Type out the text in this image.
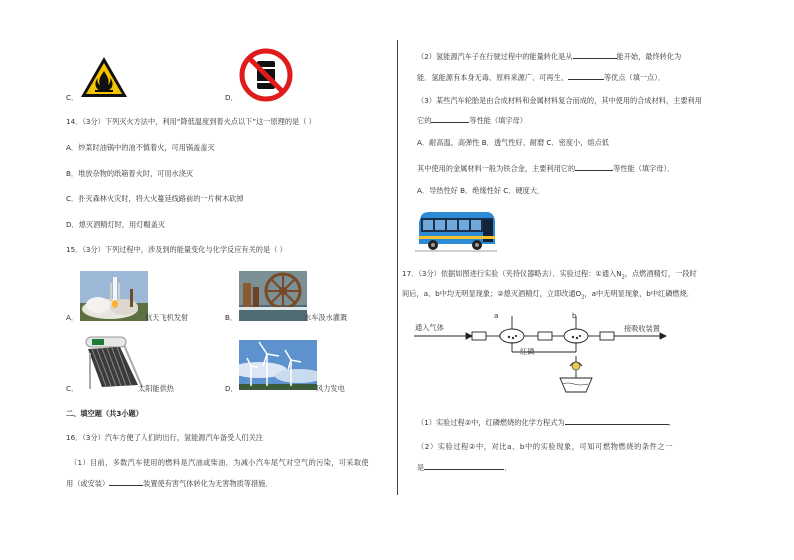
C．	D．
14．（3分）下列灭火方法中，利用“降低温度到着火点以下”这一原理的是（ ）
A．炒菜时油锅中的油不慎着火，可用锅盖盖灭
B．堆放杂物的纸箱着火时，可用水浇灭
C．扑灭森林火灾时，将大火蔓延线路前的一片树木砍掉
D．熄灭酒精灯时，用灯帽盖灭
15．（3分）下列过程中，涉及到的能量变化与化学反应有关的是（ ）
A．	航天飞机发射	B．	水车汲水灌溉
C．	太阳能供热	D．	风力发电
二、填空题（共3小题）
16．（3分）汽车方便了人们的出行，氢能源汽车备受人们关注
（1）目前，多数汽车使用的燃料是汽油或柴油．为减小汽车尾气对空气的污染，可采取使
用（或安装）	装置使有害气体转化为无害物质等措施．
（2）氢能源汽车子在行驶过程中的能量转化是从	能开始，最终转化为
能．氢能源有本身无毒、原料来源广、可再生、	等优点（填一点）．
（3）某些汽车轮胎是由合成材料和金属材料复合而成的，其中使用的合成材料，主要利用
它的	等性能（填字母）
A．耐高温、高弹性 B．透气性好、耐磨 C．密度小，熔点低
其中使用的金属材料一般为铁合金，主要利用它的	等性能（填字母）．
A．导热性好 B．绝缘性好 C．硬度大．
17．（3分）依据如图进行实验（夹持仪器略去）．实验过程：①通入$N_2$，点燃酒精灯，一段时
间后，a、b中均无明显现象；②熄灭酒精灯，立即改通$O_2$，a中无明显现象，b中红磷燃烧．
通入气体
a	b
接吸收装置
红磷
（1）实验过程②中，红磷燃烧的化学方程式为	．
（2）实验过程②中，对比a、b中的实验现象，可知可燃物燃烧的条件之一
是	．
